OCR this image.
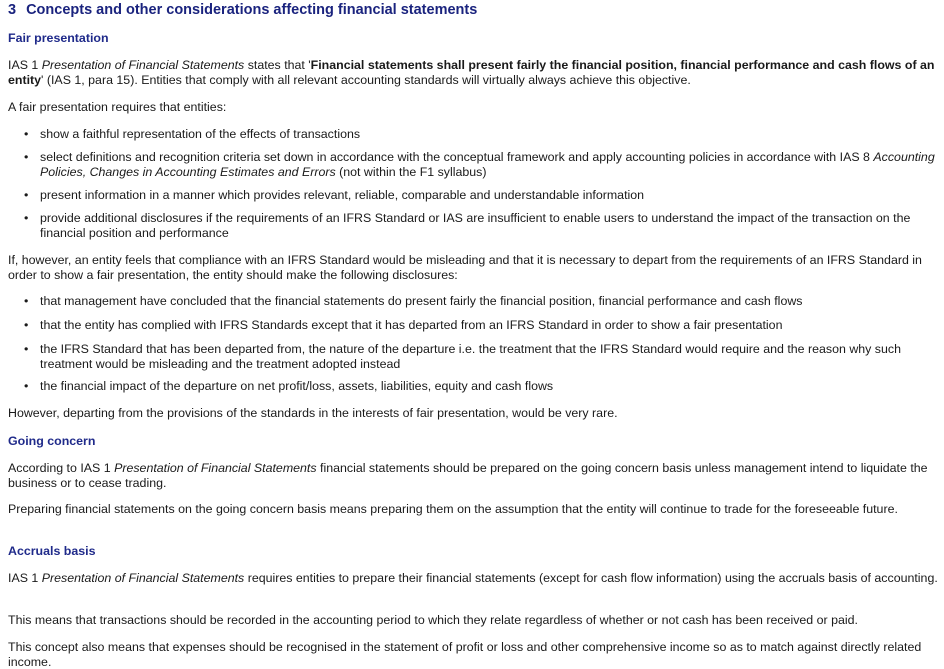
3 Concepts and other considerations affecting financial statements
Fair presentation

IAS 1 Presentation of Financial Statements states that 'Financial statements shall present fairly the financial position, financial performance and cash flows of an entity' (IAS 1, para 15). Entities that comply with all relevant accounting standards will virtually always achieve this objective.

A fair presentation requires that entities:

• show a faithful representation of the effects of transactions

• select definitions and recognition criteria set down in accordance with the conceptual framework and apply accounting policies in accordance with IAS 8 Accounting Policies, Changes in Accounting Estimates and Errors (not within the F1 syllabus)

• present information in a manner which provides relevant, reliable, comparable and understandable information

• provide additional disclosures if the requirements of an IFRS Standard or IAS are insufficient to enable users to understand the impact of the transaction on the financial position and performance

If, however, an entity feels that compliance with an IFRS Standard would be misleading and that it is necessary to depart from the requirements of an IFRS Standard in order to show a fair presentation, the entity should make the following disclosures:

• that management have concluded that the financial statements do present fairly the financial position, financial performance and cash flows

• that the entity has complied with IFRS Standards except that it has departed from an IFRS Standard in order to show a fair presentation

• the IFRS Standard that has been departed from, the nature of the departure i.e. the treatment that the IFRS Standard would require and the reason why such treatment would be misleading and the treatment adopted instead

• the financial impact of the departure on net profit/loss, assets, liabilities, equity and cash flows

However, departing from the provisions of the standards in the interests of fair presentation, would be very rare.

Going concern

According to IAS 1 Presentation of Financial Statements financial statements should be prepared on the going concern basis unless management intend to liquidate the business or to cease trading.

Preparing financial statements on the going concern basis means preparing them on the assumption that the entity will continue to trade for the foreseeable future.

Accruals basis

IAS 1 Presentation of Financial Statements requires entities to prepare their financial statements (except for cash flow information) using the accruals basis of accounting.

This means that transactions should be recorded in the accounting period to which they relate regardless of whether or not cash has been received or paid.

This concept also means that expenses should be recognised in the statement of profit or loss and other comprehensive income so as to match against directly related income.
